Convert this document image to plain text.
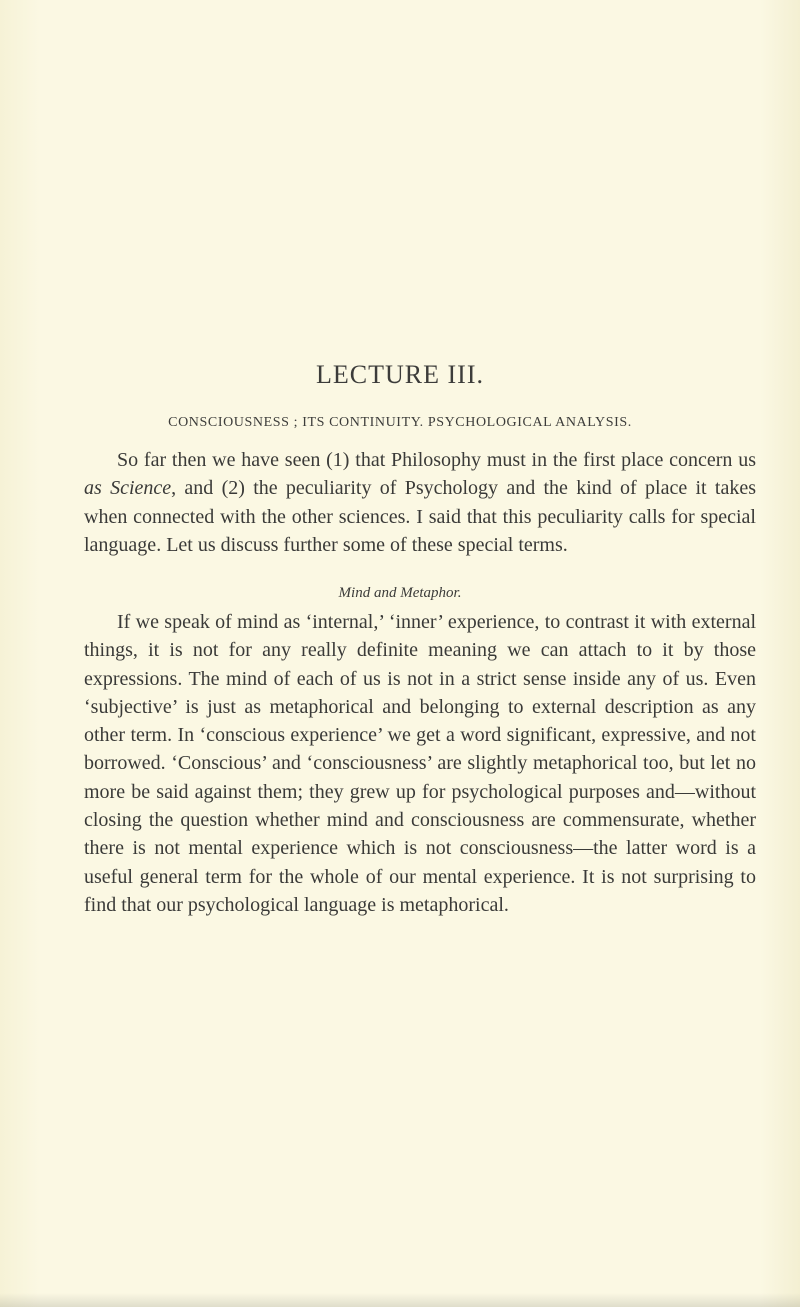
LECTURE III.
CONSCIOUSNESS ; ITS CONTINUITY. PSYCHOLOGICAL ANALYSIS.

So far then we have seen (1) that Philosophy must in the first place concern us as Science, and (2) the peculiarity of Psychology and the kind of place it takes when connected with the other sciences. I said that this peculiarity calls for special language. Let us discuss further some of these special terms.

Mind and Metaphor.

If we speak of mind as ‘internal,’ ‘inner’ experience, to contrast it with external things, it is not for any really definite meaning we can attach to it by those expressions. The mind of each of us is not in a strict sense inside any of us. Even ‘subjective’ is just as metaphorical and belonging to external description as any other term. In ‘conscious experience’ we get a word significant, expressive, and not borrowed. ‘Conscious’ and ‘consciousness’ are slightly metaphorical too, but let no more be said against them; they grew up for psychological purposes and—without closing the question whether mind and consciousness are commensurate, whether there is not mental experience which is not consciousness—the latter word is a useful general term for the whole of our mental experience. It is not surprising to find that our psychological language is metaphorical.
